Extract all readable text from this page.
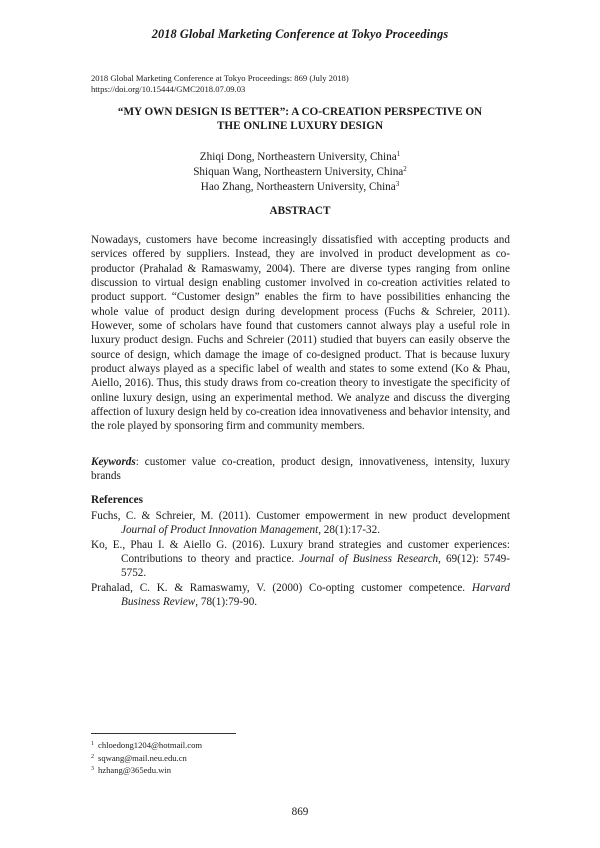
2018 Global Marketing Conference at Tokyo Proceedings
2018 Global Marketing Conference at Tokyo Proceedings: 869 (July 2018)
https://doi.org/10.15444/GMC2018.07.09.03
“MY OWN DESIGN IS BETTER”: A CO-CREATION PERSPECTIVE ON
THE ONLINE LUXURY DESIGN
Zhiqi Dong, Northeastern University, China$^1$
Shiquan Wang, Northeastern University, China$^2$
Hao Zhang, Northeastern University, China$^3$
ABSTRACT

Nowadays, customers have become increasingly dissatisfied with accepting products and services offered by suppliers. Instead, they are involved in product development as co-productor (Prahalad & Ramaswamy, 2004). There are diverse types ranging from online discussion to virtual design enabling customer involved in co-creation activities related to product support. “Customer design” enables the firm to have possibilities enhancing the whole value of product design during development process (Fuchs & Schreier, 2011). However, some of scholars have found that customers cannot always play a useful role in luxury product design. Fuchs and Schreier (2011) studied that buyers can easily observe the source of design, which damage the image of co-designed product. That is because luxury product always played as a specific label of wealth and states to some extend (Ko & Phau, Aiello, 2016). Thus, this study draws from co-creation theory to investigate the specificity of online luxury design, using an experimental method. We analyze and discuss the diverging affection of luxury design held by co-creation idea innovativeness and behavior intensity, and the role played by sponsoring firm and community members.

Keywords: customer value co-creation, product design, innovativeness, intensity, luxury brands

References

Fuchs, C. & Schreier, M. (2011). Customer empowerment in new product development Journal of Product Innovation Management, 28(1):17-32.

Ko, E., Phau I. & Aiello G. (2016). Luxury brand strategies and customer experiences: Contributions to theory and practice. Journal of Business Research, 69(12): 5749-5752.

Prahalad, C. K. & Ramaswamy, V. (2000) Co-opting customer competence. Harvard Business Review, 78(1):79-90.

$^1$ chloedong1204@hotmail.com
$^2$ sqwang@mail.neu.edu.cn
$^3$ hzhang@365edu.win
869
